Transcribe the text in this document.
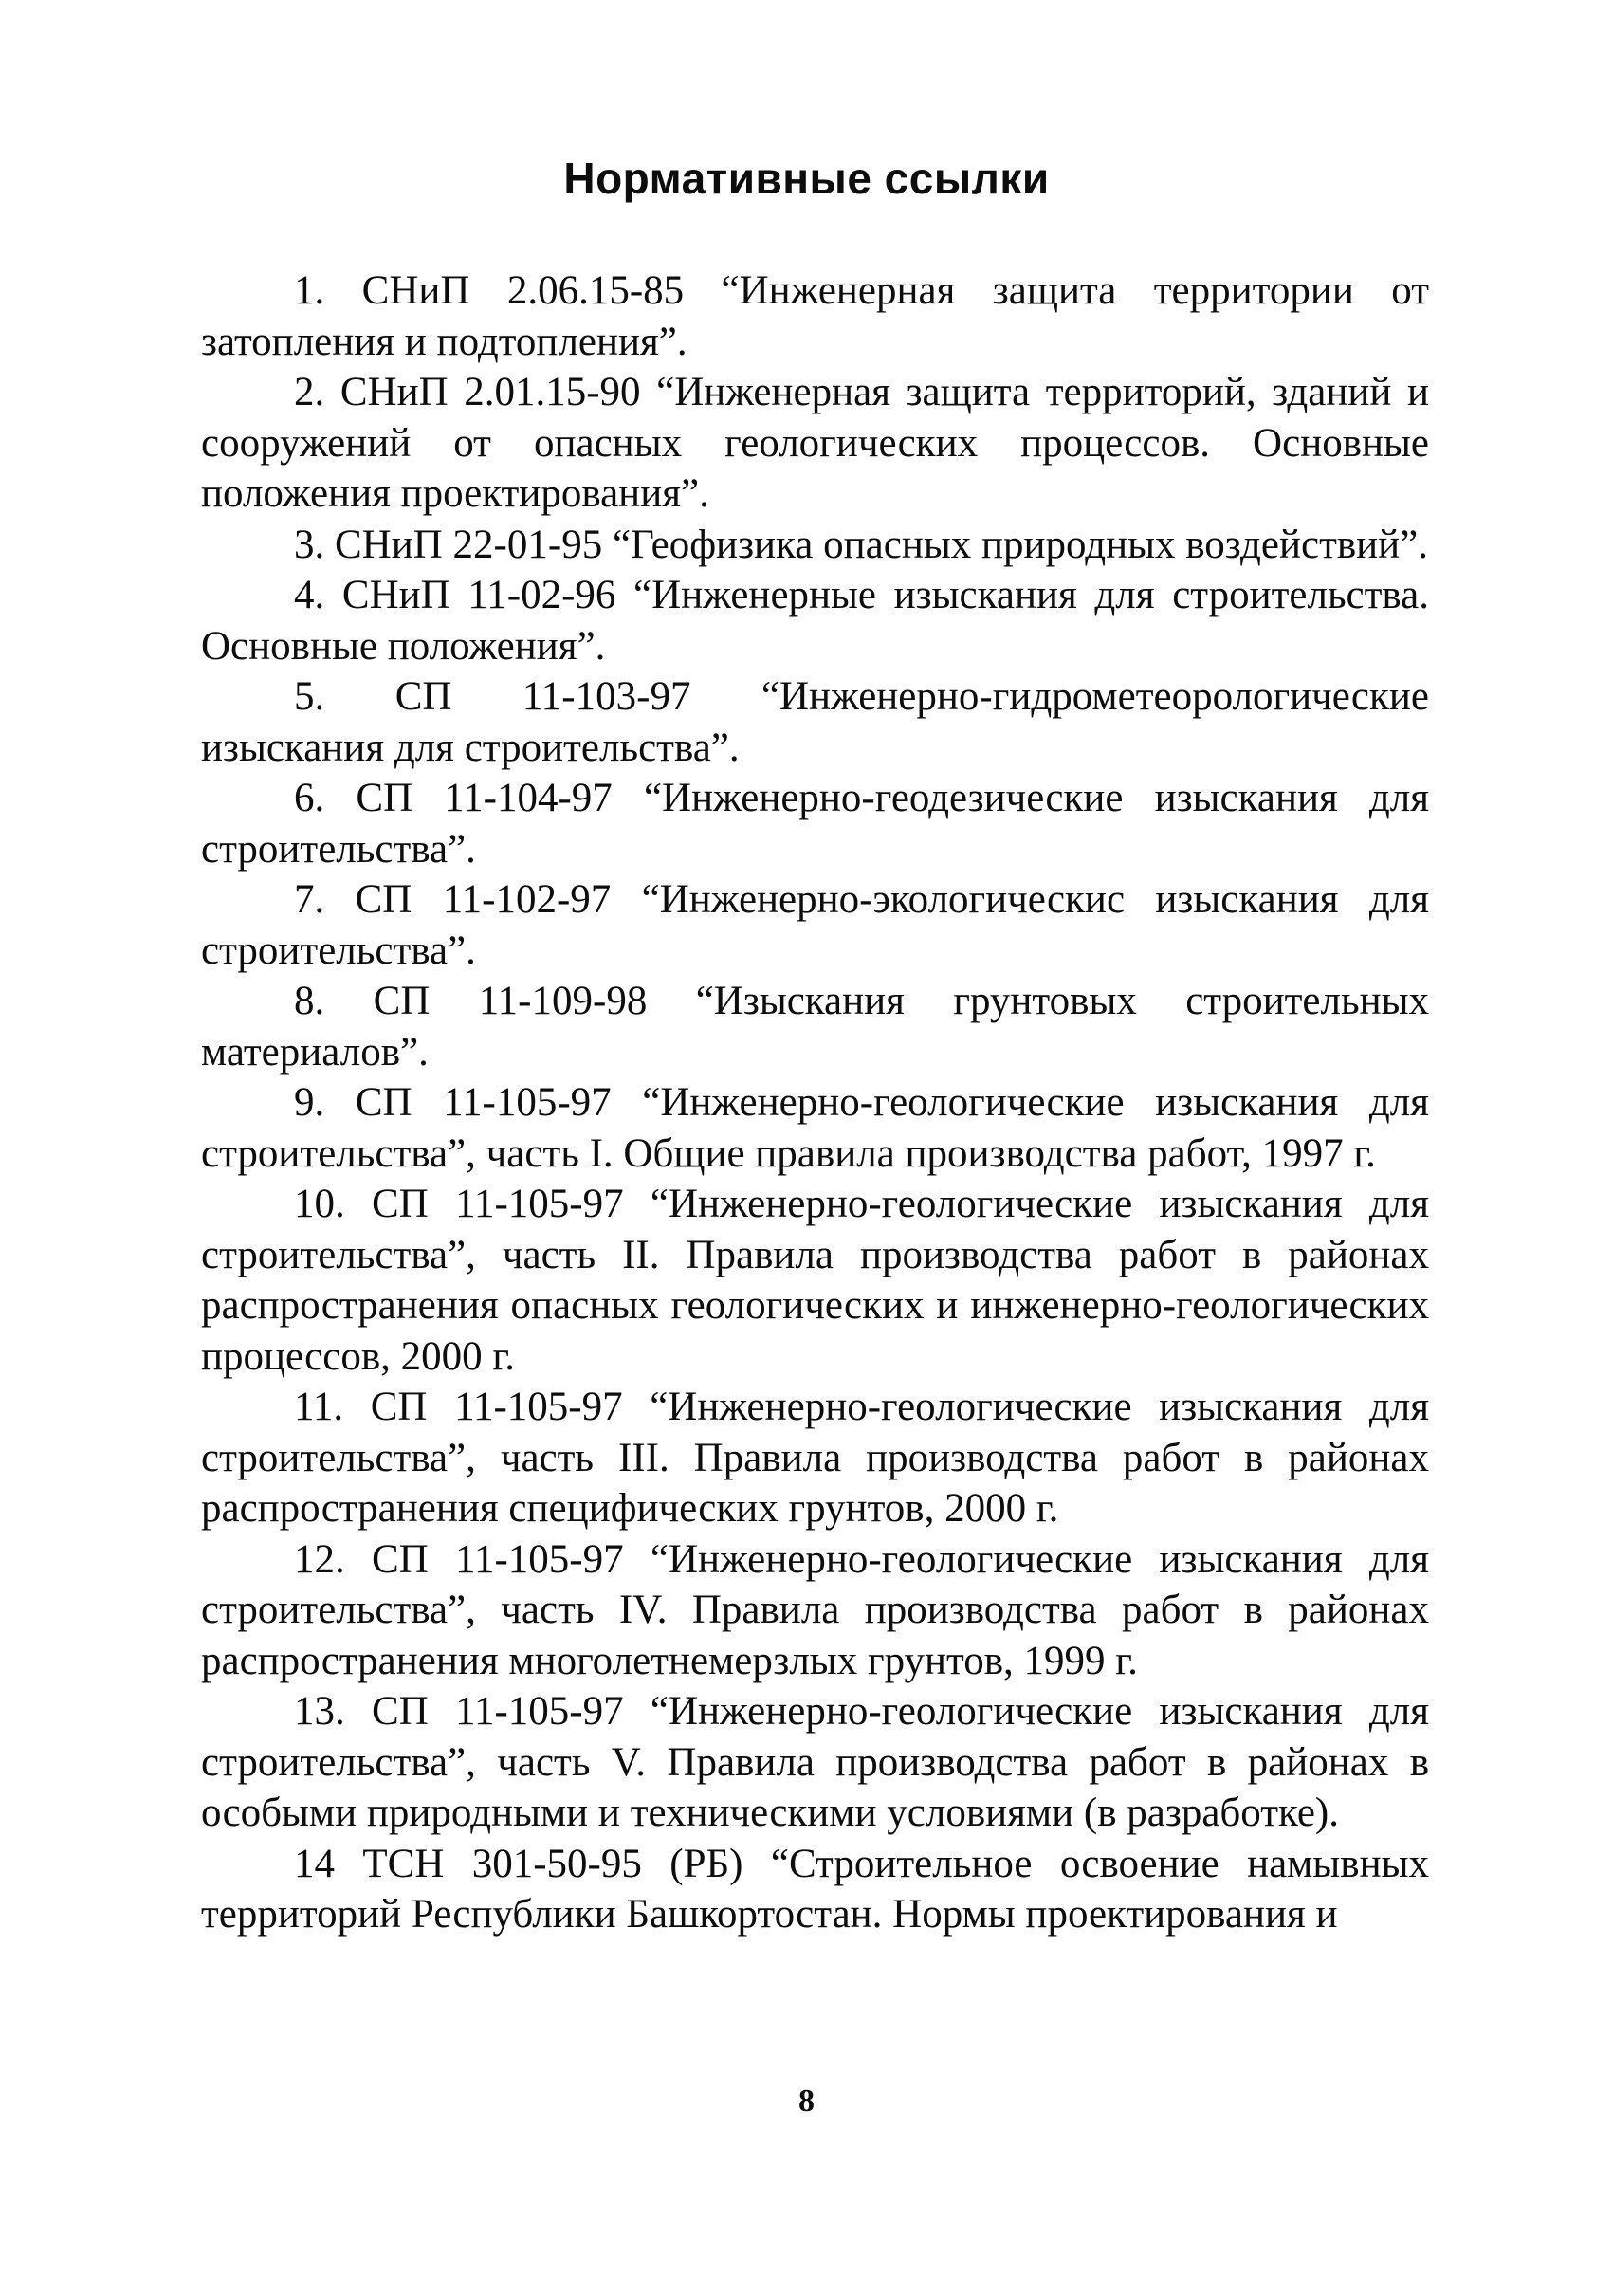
Нормативные ссылки

1. СНиП 2.06.15-85 “Инженерная защита территории от затопления и подтопления”.

2. СНиП 2.01.15-90 “Инженерная защита территорий, зданий и сооружений от опасных геологических процессов. Основные положения проектирования”.

3. СНиП 22-01-95 “Геофизика опасных природных воздействий”.

4. СНиП 11-02-96 “Инженерные изыскания для строительства. Основные положения”.

5. СП 11-103-97 “Инженерно-гидрометеорологические изыскания для строительства”.

6. СП 11-104-97 “Инженерно-геодезические изыскания для строительства”.

7. СП 11-102-97 “Инженерно-экологическис изыскания для строительства”.

8. СП 11-109-98 “Изыскания грунтовых строительных материалов”.

9. СП 11-105-97 “Инженерно-геологические изыскания для строительства”, часть I. Общие правила производства работ, 1997 г.

10. СП 11-105-97 “Инженерно-геологические изыскания для строительства”, часть II. Правила производства работ в районах распространения опасных геологических и инженерно-геологических процессов, 2000 г.

11. СП 11-105-97 “Инженерно-геологические изыскания для строительства”, часть III. Правила производства работ в районах распространения специфических грунтов, 2000 г.

12. СП 11-105-97 “Инженерно-геологические изыскания для строительства”, часть IV. Правила производства работ в районах распространения многолетнемерзлых грунтов, 1999 г.

13. СП 11-105-97 “Инженерно-геологические изыскания для строительства”, часть V. Правила производства работ в районах в особыми природными и техническими условиями (в разработке).

14 ТСН 301-50-95 (РБ) “Строительное освоение намывных территорий Республики Башкортостан. Нормы проектирования и

8
